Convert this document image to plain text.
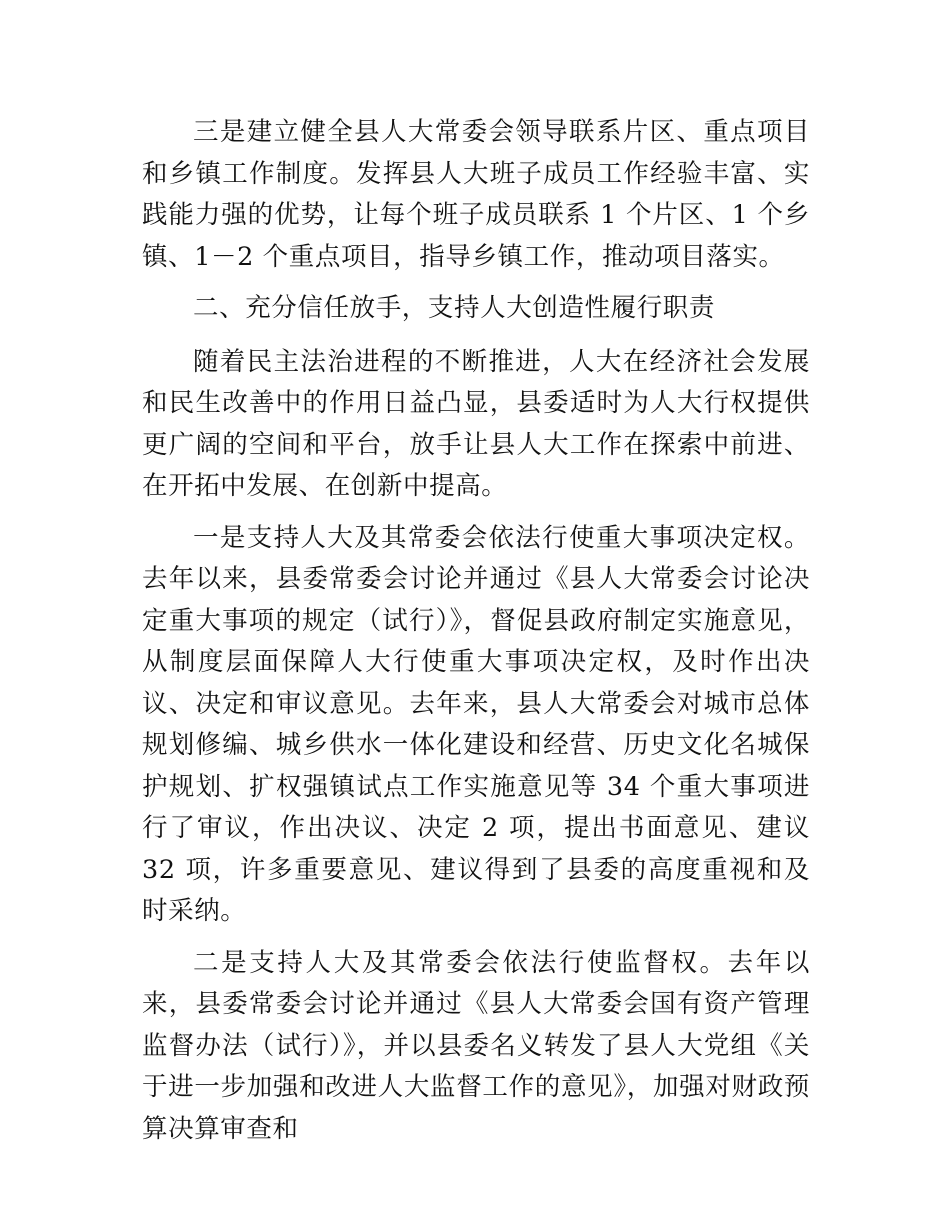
三是建立健全县人大常委会领导联系片区、重点项目和乡镇工作制度。发挥县人大班子成员工作经验丰富、实践能力强的优势，让每个班子成员联系 1 个片区、1 个乡镇、1－2 个重点项目，指导乡镇工作，推动项目落实。

二、充分信任放手，支持人大创造性履行职责

随着民主法治进程的不断推进，人大在经济社会发展和民生改善中的作用日益凸显，县委适时为人大行权提供更广阔的空间和平台，放手让县人大工作在探索中前进、在开拓中发展、在创新中提高。

一是支持人大及其常委会依法行使重大事项决定权。去年以来，县委常委会讨论并通过《县人大常委会讨论决定重大事项的规定（试行）》，督促县政府制定实施意见，从制度层面保障人大行使重大事项决定权，及时作出决议、决定和审议意见。去年来，县人大常委会对城市总体规划修编、城乡供水一体化建设和经营、历史文化名城保护规划、扩权强镇试点工作实施意见等 34 个重大事项进行了审议，作出决议、决定 2 项，提出书面意见、建议 32 项，许多重要意见、建议得到了县委的高度重视和及时采纳。

二是支持人大及其常委会依法行使监督权。去年以来，县委常委会讨论并通过《县人大常委会国有资产管理监督办法（试行）》，并以县委名义转发了县人大党组《关于进一步加强和改进人大监督工作的意见》，加强对财政预算决算审查和
